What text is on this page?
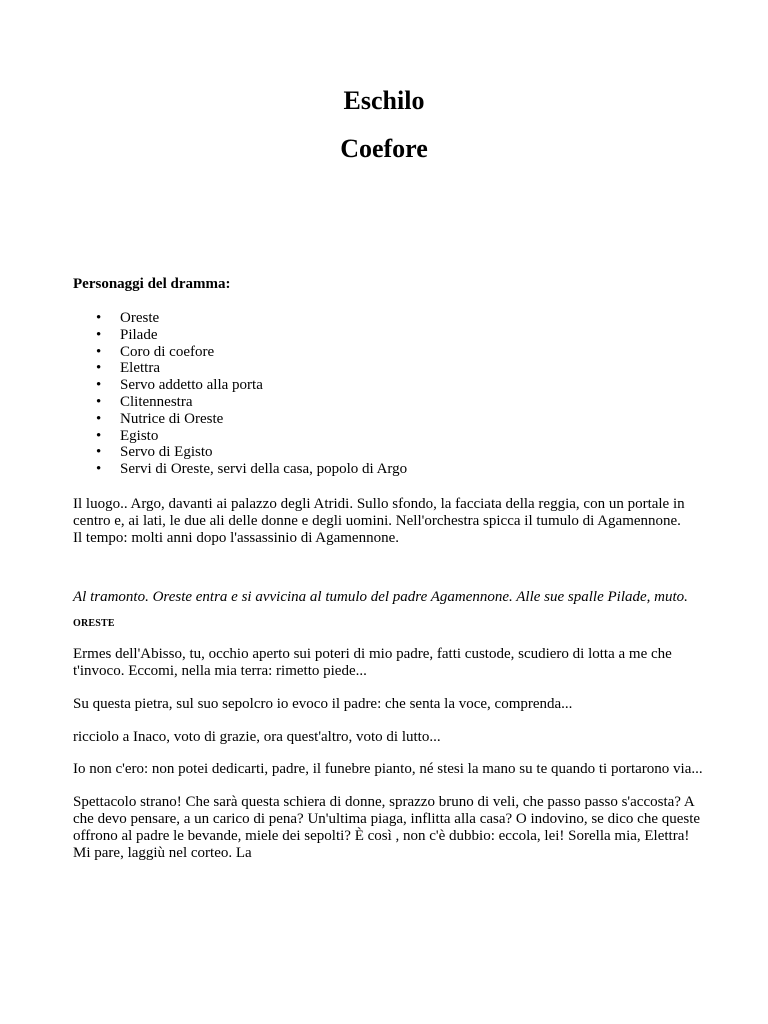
Eschilo
Coefore

Personaggi del dramma:

• Oreste
• Pilade
• Coro di coefore
• Elettra
• Servo addetto alla porta
• Clitennestra
• Nutrice di Oreste
• Egisto
• Servo di Egisto
• Servi di Oreste, servi della casa, popolo di Argo

Il luogo.. Argo, davanti ai palazzo degli Atridi. Sullo sfondo, la facciata della reggia, con un portale in centro e, ai lati, le due ali delle donne e degli uomini. Nell'orchestra spicca il tumulo di Agamennone.

Il tempo: molti anni dopo l'assassinio di Agamennone.

Al tramonto. Oreste entra e si avvicina al tumulo del padre Agamennone. Alle sue spalle Pilade, muto.

ORESTE

Ermes dell'Abisso, tu, occhio aperto sui poteri di mio padre, fatti custode, scudiero di lotta a me che t'invoco. Eccomi, nella mia terra: rimetto piede...

Su questa pietra, sul suo sepolcro io evoco il padre: che senta la voce, comprenda...

ricciolo a Inaco, voto di grazie, ora quest'altro, voto di lutto...

Io non c'ero: non potei dedicarti, padre, il funebre pianto, né stesi la mano su te quando ti portarono via...

Spettacolo strano! Che sarà questa schiera di donne, sprazzo bruno di veli, che passo passo s'accosta? A che devo pensare, a un carico di pena? Un'ultima piaga, inflitta alla casa? O indovino, se dico che queste offrono al padre le bevande, miele dei sepolti? È così , non c'è dubbio: eccola, lei! Sorella mia, Elettra! Mi pare, laggiù nel corteo. La
